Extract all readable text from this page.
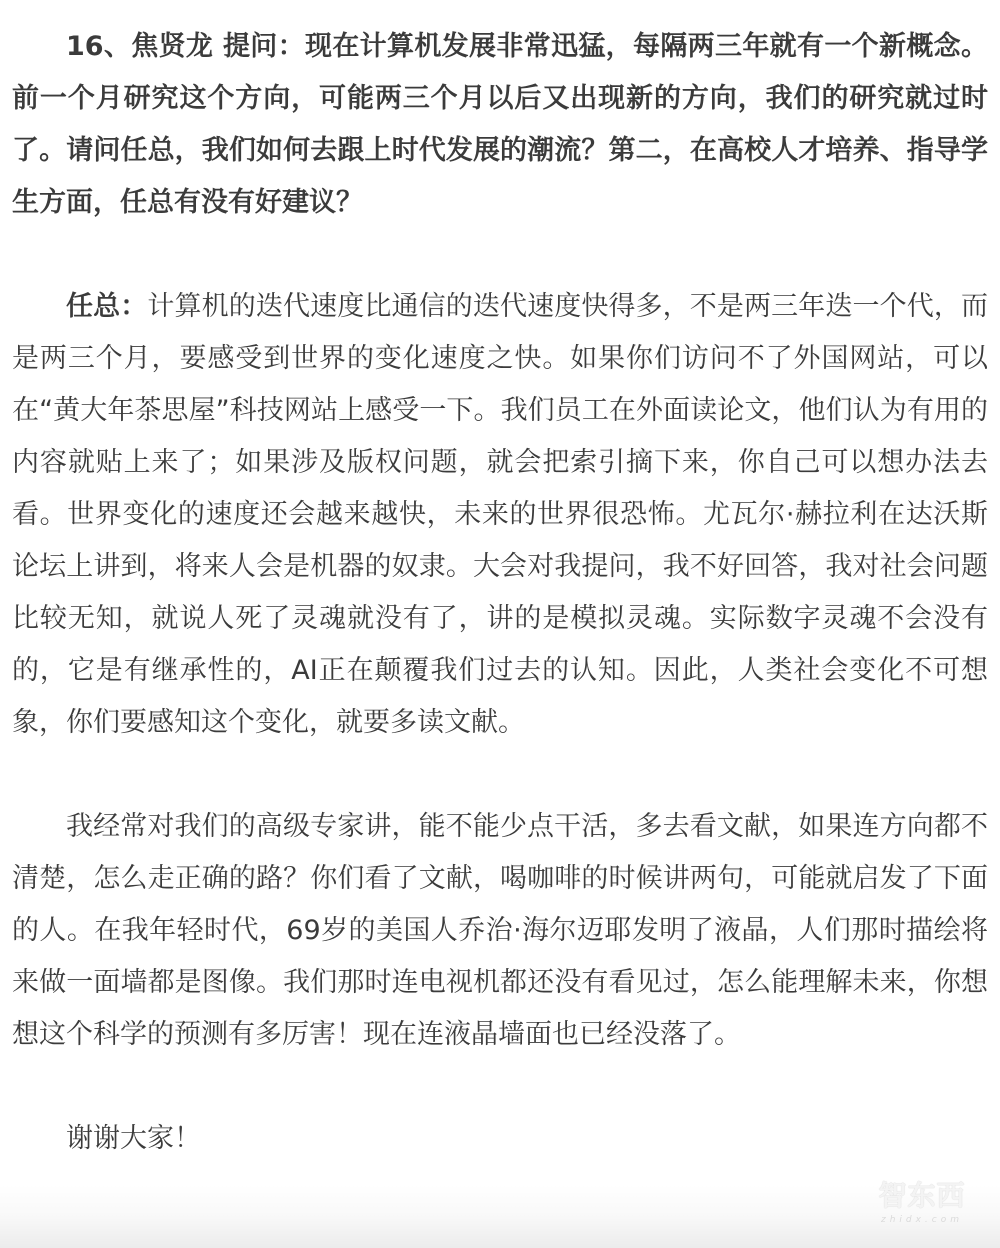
16、焦贤龙 提问：现在计算机发展非常迅猛，每隔两三年就有一个新概念。前一个月研究这个方向，可能两三个月以后又出现新的方向，我们的研究就过时了。请问任总，我们如何去跟上时代发展的潮流？第二，在高校人才培养、指导学生方面，任总有没有好建议？

任总：计算机的迭代速度比通信的迭代速度快得多，不是两三年迭一个代，而是两三个月，要感受到世界的变化速度之快。如果你们访问不了外国网站，可以在“黄大年茶思屋”科技网站上感受一下。我们员工在外面读论文，他们认为有用的内容就贴上来了；如果涉及版权问题，就会把索引摘下来，你自己可以想办法去看。世界变化的速度还会越来越快，未来的世界很恐怖。尤瓦尔·赫拉利在达沃斯论坛上讲到，将来人会是机器的奴隶。大会对我提问，我不好回答，我对社会问题比较无知，就说人死了灵魂就没有了，讲的是模拟灵魂。实际数字灵魂不会没有的，它是有继承性的，AI正在颠覆我们过去的认知。因此，人类社会变化不可想象，你们要感知这个变化，就要多读文献。

我经常对我们的高级专家讲，能不能少点干活，多去看文献，如果连方向都不清楚，怎么走正确的路？你们看了文献，喝咖啡的时候讲两句，可能就启发了下面的人。在我年轻时代，69岁的美国人乔治·海尔迈耶发明了液晶，人们那时描绘将来做一面墙都是图像。我们那时连电视机都还没有看见过，怎么能理解未来，你想想这个科学的预测有多厉害！现在连液晶墙面也已经没落了。

谢谢大家！

智东西
zhidx.com
